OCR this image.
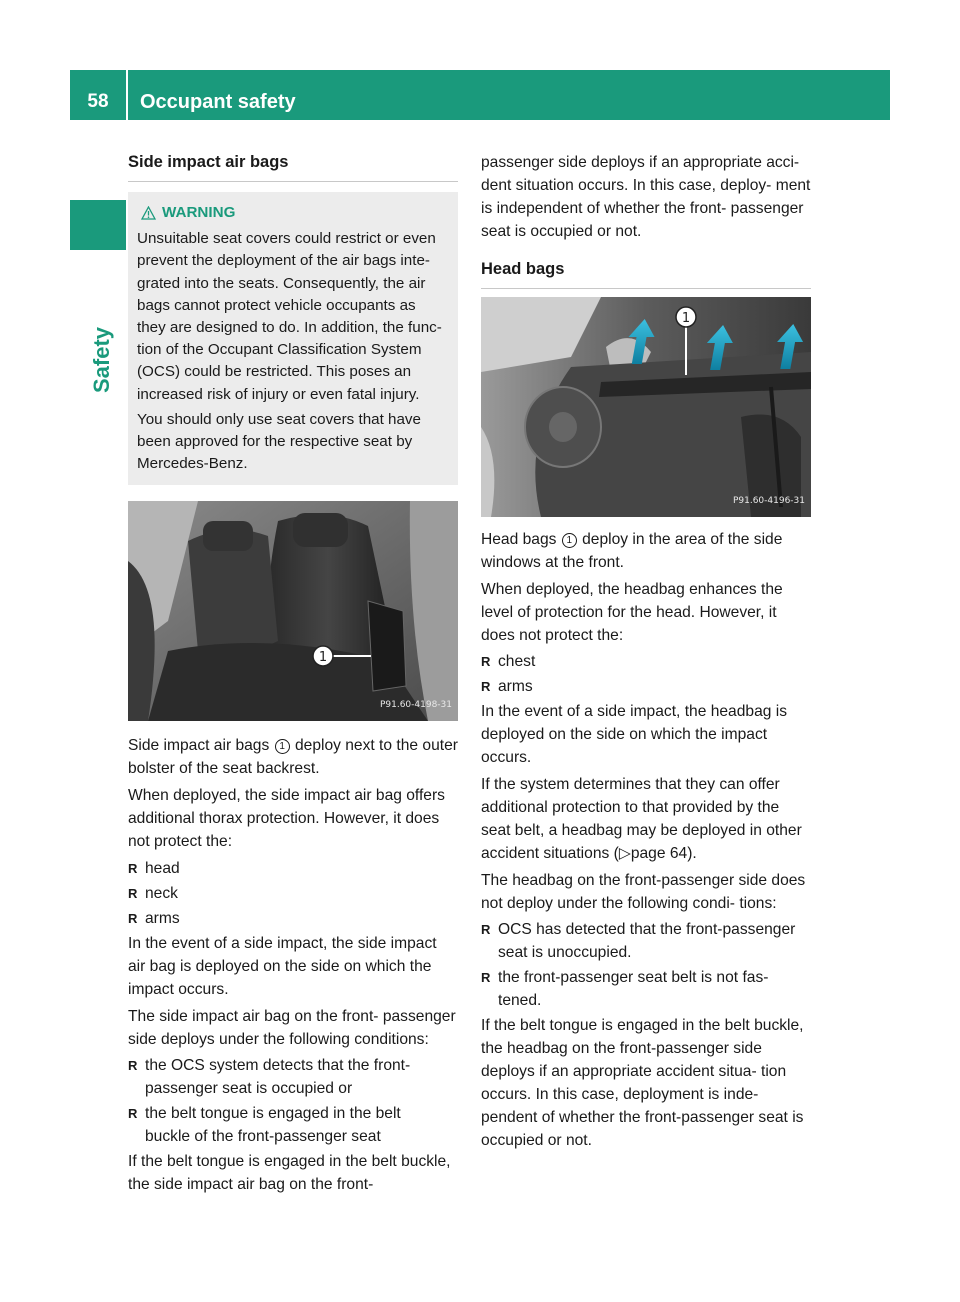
58	Occupant safety
Safety
Side impact air bags
WARNING

Unsuitable seat covers could restrict or even prevent the deployment of the air bags inte- grated into the seats. Consequently, the air bags cannot protect vehicle occupants as they are designed to do. In addition, the func- tion of the Occupant Classification System (OCS) could be restricted. This poses an increased risk of injury or even fatal injury.

You should only use seat covers that have been approved for the respective seat by Mercedes-Benz.

1
P91.60-4198-31

Side impact air bags 1 deploy next to the outer bolster of the seat backrest.

When deployed, the side impact air bag offers additional thorax protection. However, it does not protect the:

R head
R neck
R arms

In the event of a side impact, the side impact air bag is deployed on the side on which the impact occurs.

The side impact air bag on the front- passenger side deploys under the following conditions:

R the OCS system detects that the front- passenger seat is occupied or
R the belt tongue is engaged in the belt buckle of the front-passenger seat

If the belt tongue is engaged in the belt buckle, the side impact air bag on the front-

passenger side deploys if an appropriate acci- dent situation occurs. In this case, deploy- ment is independent of whether the front- passenger seat is occupied or not.

Head bags
1
P91.60-4196-31

Head bags 1 deploy in the area of the side windows at the front.

When deployed, the headbag enhances the level of protection for the head. However, it does not protect the:

R chest
R arms

In the event of a side impact, the headbag is deployed on the side on which the impact occurs.

If the system determines that they can offer additional protection to that provided by the seat belt, a headbag may be deployed in other accident situations (▷page 64).

The headbag on the front-passenger side does not deploy under the following condi- tions:

R OCS has detected that the front-passenger seat is unoccupied.
R the front-passenger seat belt is not fas- tened.

If the belt tongue is engaged in the belt buckle, the headbag on the front-passenger side deploys if an appropriate accident situa- tion occurs. In this case, deployment is inde- pendent of whether the front-passenger seat is occupied or not.
